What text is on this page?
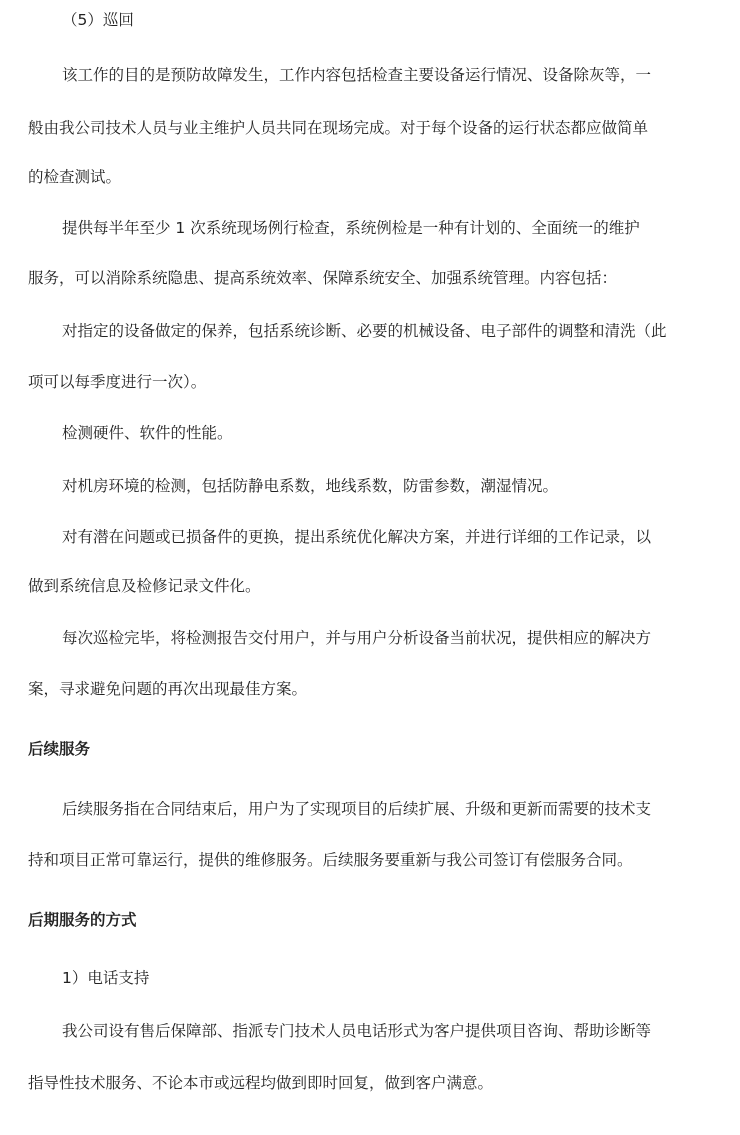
（5）巡回
该工作的目的是预防故障发生，工作内容包括检查主要设备运行情况、设备除灰等，一
般由我公司技术人员与业主维护人员共同在现场完成。对于每个设备的运行状态都应做简单
的检查测试。
提供每半年至少 1 次系统现场例行检查，系统例检是一种有计划的、全面统一的维护
服务，可以消除系统隐患、提高系统效率、保障系统安全、加强系统管理。内容包括：
对指定的设备做定的保养，包括系统诊断、必要的机械设备、电子部件的调整和清洗（此
项可以每季度进行一次）。
检测硬件、软件的性能。
对机房环境的检测，包括防静电系数，地线系数，防雷参数，潮湿情况。
对有潜在问题或已损备件的更换，提出系统优化解决方案，并进行详细的工作记录，以
做到系统信息及检修记录文件化。
每次巡检完毕，将检测报告交付用户，并与用户分析设备当前状况，提供相应的解决方
案，寻求避免问题的再次出现最佳方案。
后续服务
后续服务指在合同结束后，用户为了实现项目的后续扩展、升级和更新而需要的技术支
持和项目正常可靠运行，提供的维修服务。后续服务要重新与我公司签订有偿服务合同。
后期服务的方式
1）电话支持
我公司设有售后保障部、指派专门技术人员电话形式为客户提供项目咨询、帮助诊断等
指导性技术服务、不论本市或远程均做到即时回复，做到客户满意。
